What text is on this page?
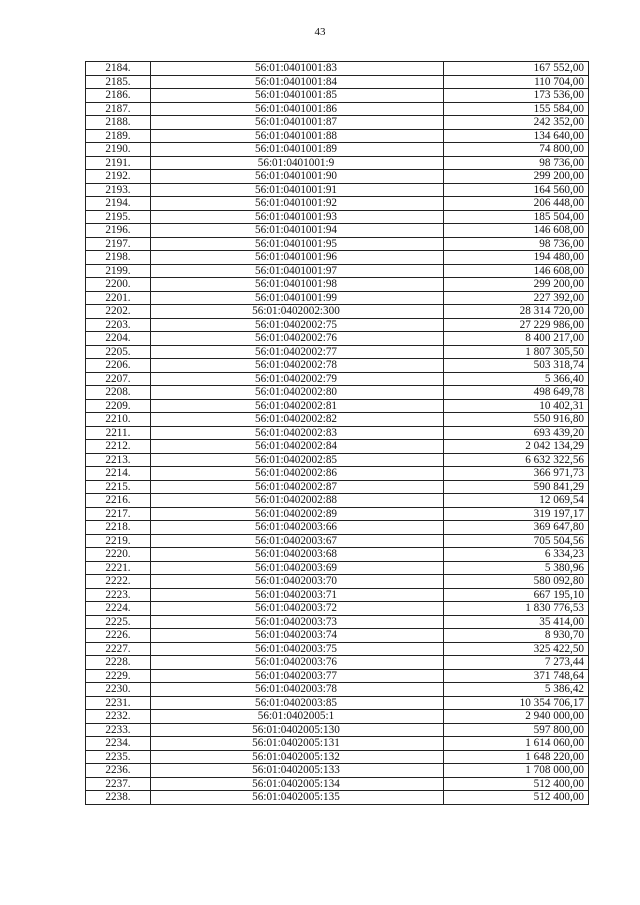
43
2184.	56:01:0401001:83	167 552,00
2185.	56:01:0401001:84	110 704,00
2186.	56:01:0401001:85	173 536,00
2187.	56:01:0401001:86	155 584,00
2188.	56:01:0401001:87	242 352,00
2189.	56:01:0401001:88	134 640,00
2190.	56:01:0401001:89	74 800,00
2191.	56:01:0401001:9	98 736,00
2192.	56:01:0401001:90	299 200,00
2193.	56:01:0401001:91	164 560,00
2194.	56:01:0401001:92	206 448,00
2195.	56:01:0401001:93	185 504,00
2196.	56:01:0401001:94	146 608,00
2197.	56:01:0401001:95	98 736,00
2198.	56:01:0401001:96	194 480,00
2199.	56:01:0401001:97	146 608,00
2200.	56:01:0401001:98	299 200,00
2201.	56:01:0401001:99	227 392,00
2202.	56:01:0402002:300	28 314 720,00
2203.	56:01:0402002:75	27 229 986,00
2204.	56:01:0402002:76	8 400 217,00
2205.	56:01:0402002:77	1 807 305,50
2206.	56:01:0402002:78	503 318,74
2207.	56:01:0402002:79	5 366,40
2208.	56:01:0402002:80	498 649,78
2209.	56:01:0402002:81	10 402,31
2210.	56:01:0402002:82	550 916,80
2211.	56:01:0402002:83	693 439,20
2212.	56:01:0402002:84	2 042 134,29
2213.	56:01:0402002:85	6 632 322,56
2214.	56:01:0402002:86	366 971,73
2215.	56:01:0402002:87	590 841,29
2216.	56:01:0402002:88	12 069,54
2217.	56:01:0402002:89	319 197,17
2218.	56:01:0402003:66	369 647,80
2219.	56:01:0402003:67	705 504,56
2220.	56:01:0402003:68	6 334,23
2221.	56:01:0402003:69	5 380,96
2222.	56:01:0402003:70	580 092,80
2223.	56:01:0402003:71	667 195,10
2224.	56:01:0402003:72	1 830 776,53
2225.	56:01:0402003:73	35 414,00
2226.	56:01:0402003:74	8 930,70
2227.	56:01:0402003:75	325 422,50
2228.	56:01:0402003:76	7 273,44
2229.	56:01:0402003:77	371 748,64
2230.	56:01:0402003:78	5 386,42
2231.	56:01:0402003:85	10 354 706,17
2232.	56:01:0402005:1	2 940 000,00
2233.	56:01:0402005:130	597 800,00
2234.	56:01:0402005:131	1 614 060,00
2235.	56:01:0402005:132	1 648 220,00
2236.	56:01:0402005:133	1 708 000,00
2237.	56:01:0402005:134	512 400,00
2238.	56:01:0402005:135	512 400,00
